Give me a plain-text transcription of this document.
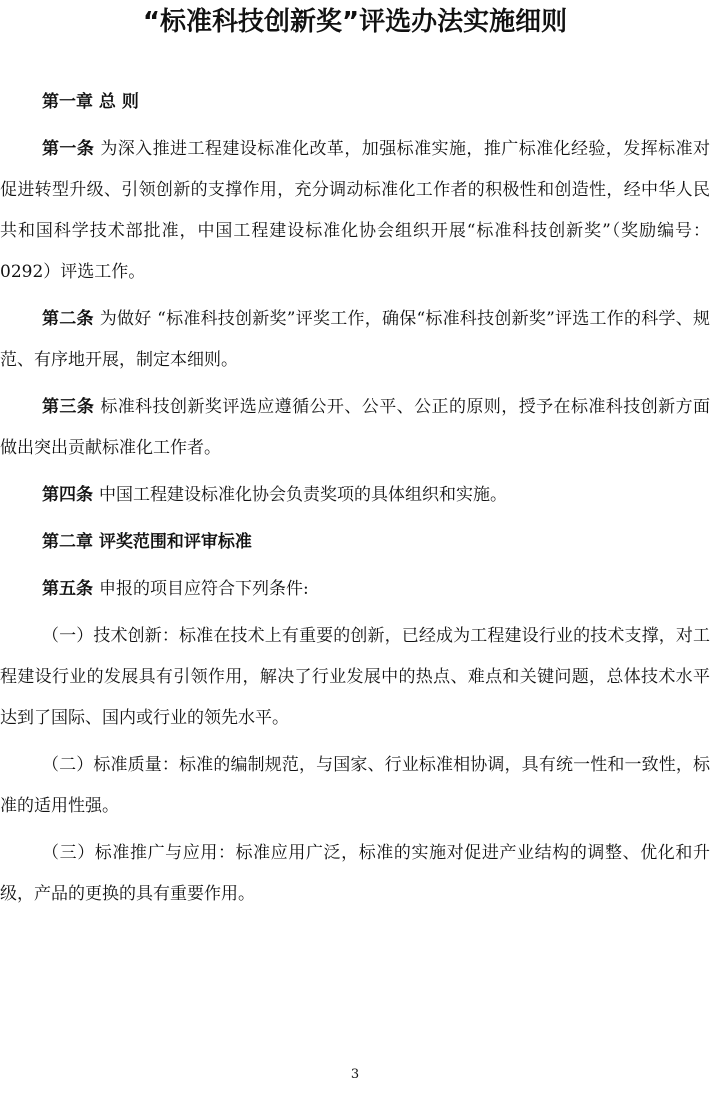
“标准科技创新奖”评选办法实施细则

第一章 总 则

第一条 为深入推进工程建设标准化改革，加强标准实施，推广标准化经验，发挥标准对促进转型升级、引领创新的支撑作用，充分调动标准化工作者的积极性和创造性，经中华人民共和国科学技术部批准，中国工程建设标准化协会组织开展“标准科技创新奖”（奖励编号：0292）评选工作。

第二条 为做好 “标准科技创新奖”评奖工作，确保“标准科技创新奖”评选工作的科学、规范、有序地开展，制定本细则。

第三条 标准科技创新奖评选应遵循公开、公平、公正的原则，授予在标准科技创新方面做出突出贡献标准化工作者。

第四条 中国工程建设标准化协会负责奖项的具体组织和实施。

第二章 评奖范围和评审标准

第五条 申报的项目应符合下列条件:

（一）技术创新：标准在技术上有重要的创新，已经成为工程建设行业的技术支撑，对工程建设行业的发展具有引领作用，解决了行业发展中的热点、难点和关键问题，总体技术水平达到了国际、国内或行业的领先水平。

（二）标准质量：标准的编制规范，与国家、行业标准相协调，具有统一性和一致性，标准的适用性强。

（三）标准推广与应用：标准应用广泛，标准的实施对促进产业结构的调整、优化和升级，产品的更换的具有重要作用。

3
